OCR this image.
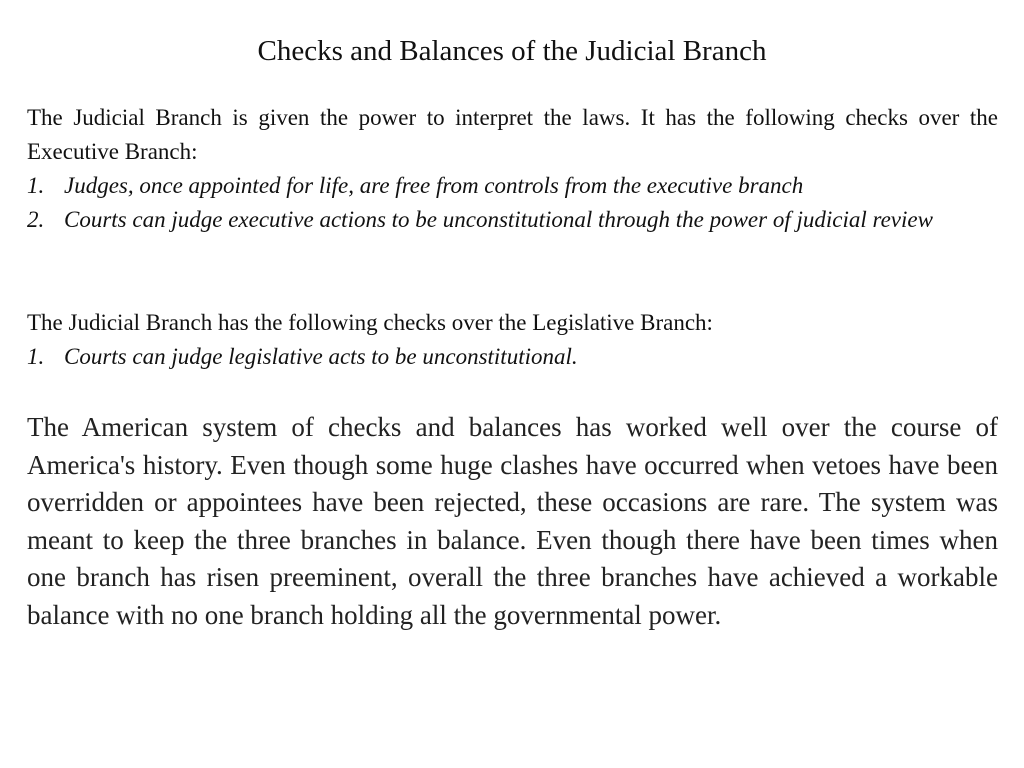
Checks and Balances of the Judicial Branch

The Judicial Branch is given the power to interpret the laws. It has the following checks over the Executive Branch:

1. Judges, once appointed for life, are free from controls from the executive branch
2. Courts can judge executive actions to be unconstitutional through the power of judicial review

The Judicial Branch has the following checks over the Legislative Branch:

1. Courts can judge legislative acts to be unconstitutional.

The American system of checks and balances has worked well over the course of America's history. Even though some huge clashes have occurred when vetoes have been overridden or appointees have been rejected, these occasions are rare. The system was meant to keep the three branches in balance. Even though there have been times when one branch has risen preeminent, overall the three branches have achieved a workable balance with no one branch holding all the governmental power.
